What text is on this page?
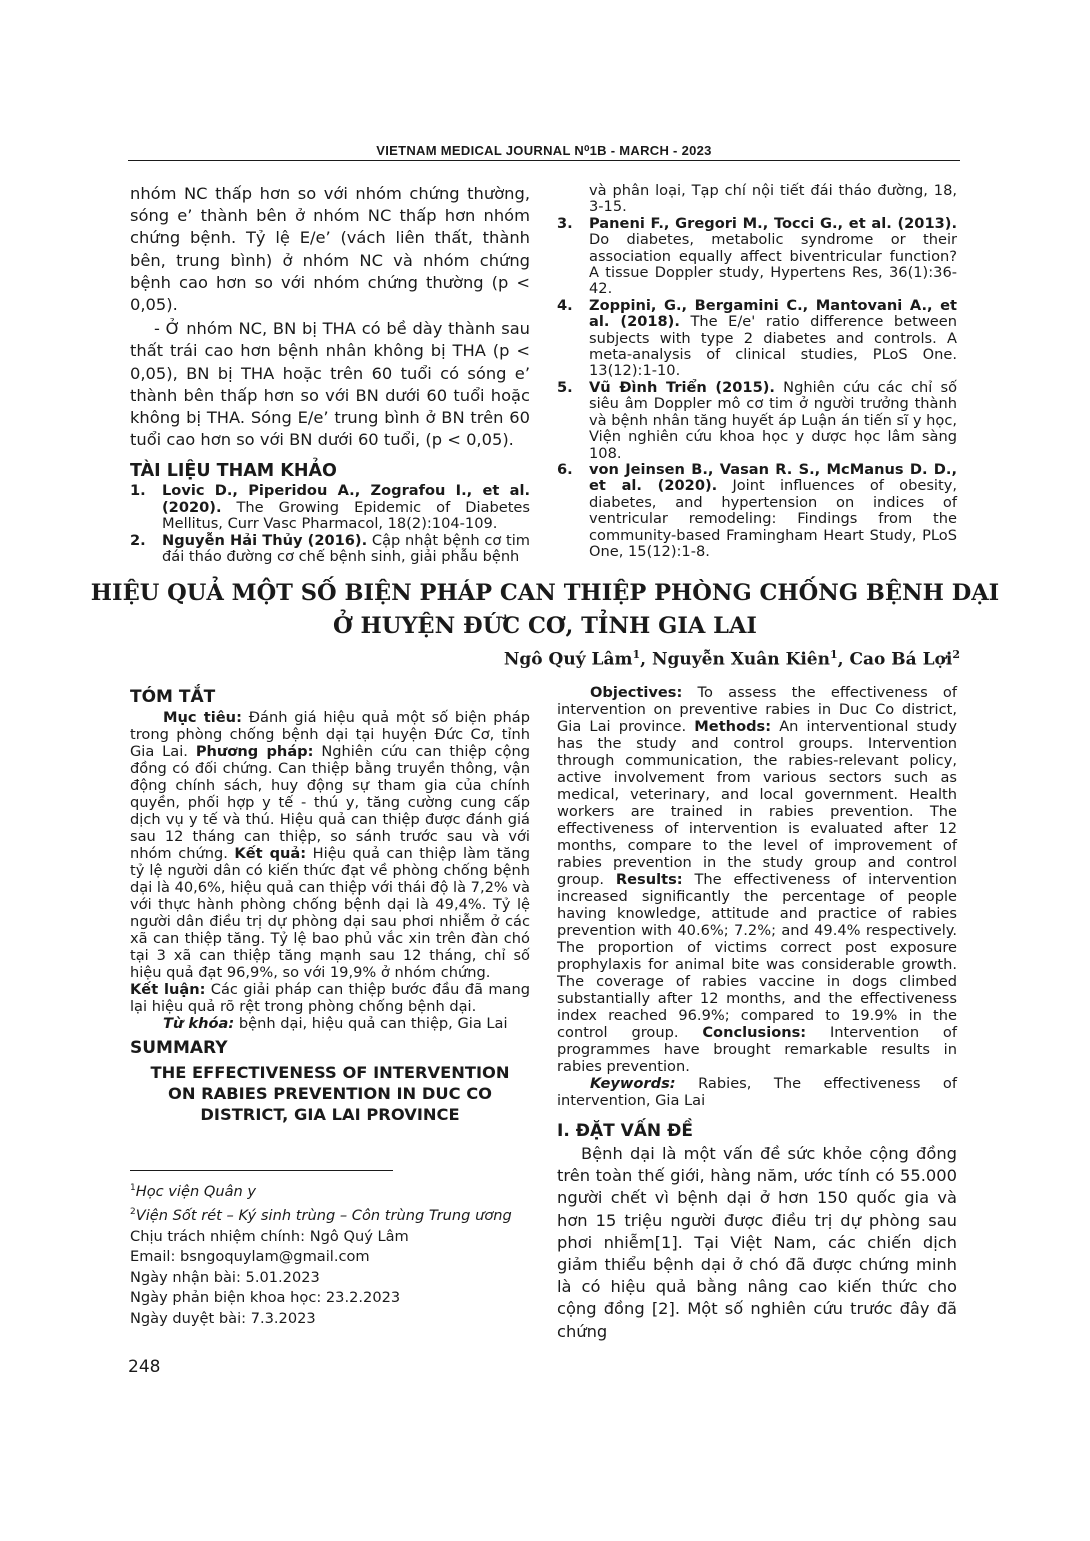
VIETNAM MEDICAL JOURNAL N⁰1B - MARCH - 2023

nhóm NC thấp hơn so với nhóm chứng thường, sóng e’ thành bên ở nhóm NC thấp hơn nhóm chứng bệnh. Tỷ lệ E/e’ (vách liên thất, thành bên, trung bình) ở nhóm NC và nhóm chứng bệnh cao hơn so với nhóm chứng thường (p < 0,05).

- Ở nhóm NC, BN bị THA có bề dày thành sau thất trái cao hơn bệnh nhân không bị THA (p < 0,05), BN bị THA hoặc trên 60 tuổi có sóng e’ thành bên thấp hơn so với BN dưới 60 tuổi hoặc không bị THA. Sóng E/e’ trung bình ở BN trên 60 tuổi cao hơn so với BN dưới 60 tuổi, (p < 0,05).

TÀI LIỆU THAM KHẢO

1.	Lovic D., Piperidou A., Zografou I., et al. (2020). The Growing Epidemic of Diabetes Mellitus, Curr Vasc Pharmacol, 18(2):104-109.
2.	Nguyễn Hải Thủy (2016). Cập nhật bệnh cơ tim đái tháo đường cơ chế bệnh sinh, giải phẫu bệnh
và phân loại, Tạp chí nội tiết đái tháo đường, 18, 3-15.
3.	Paneni F., Gregori M., Tocci G., et al. (2013). Do diabetes, metabolic syndrome or their association equally affect biventricular function? A tissue Doppler study, Hypertens Res, 36(1):36-42.
4.	Zoppini, G., Bergamini C., Mantovani A., et al. (2018). The E/e' ratio difference between subjects with type 2 diabetes and controls. A meta-analysis of clinical studies, PLoS One. 13(12):1-10.
5.	Vũ Đình Triển (2015). Nghiên cứu các chỉ số siêu âm Doppler mô cơ tim ở người trưởng thành và bệnh nhân tăng huyết áp Luận án tiến sĩ y học, Viện nghiên cứu khoa học y dược học lâm sàng 108.
6.	von Jeinsen B., Vasan R. S., McManus D. D., et al. (2020). Joint influences of obesity, diabetes, and hypertension on indices of ventricular remodeling: Findings from the community-based Framingham Heart Study, PLoS One, 15(12):1-8.
HIỆU QUẢ MỘT SỐ BIỆN PHÁP CAN THIỆP PHÒNG CHỐNG BỆNH DẠI
Ở HUYỆN ĐỨC CƠ, TỈNH GIA LAI
Ngô Quý Lâm$^1$, Nguyễn Xuân Kiên$^1$, Cao Bá Lợi$^2$

TÓM TẮT

Mục tiêu: Đánh giá hiệu quả một số biện pháp trong phòng chống bệnh dại tại huyện Đức Cơ, tỉnh Gia Lai. Phương pháp: Nghiên cứu can thiệp cộng đồng có đối chứng. Can thiệp bằng truyền thông, vận động chính sách, huy động sự tham gia của chính quyền, phối hợp y tế - thú y, tăng cường cung cấp dịch vụ y tế và thú. Hiệu quả can thiệp được đánh giá sau 12 tháng can thiệp, so sánh trước sau và với nhóm chứng. Kết quả: Hiệu quả can thiệp làm tăng tỷ lệ người dân có kiến thức đạt về phòng chống bệnh dại là 40,6%, hiệu quả can thiệp với thái độ là 7,2% và với thực hành phòng chống bệnh dại là 49,4%. Tỷ lệ người dân điều trị dự phòng dại sau phơi nhiễm ở các xã can thiệp tăng. Tỷ lệ bao phủ vắc xin trên đàn chó tại 3 xã can thiệp tăng mạnh sau 12 tháng, chỉ số hiệu quả đạt 96,9%, so với 19,9% ở nhóm chứng.

Kết luận: Các giải pháp can thiệp bước đầu đã mang lại hiệu quả rõ rệt trong phòng chống bệnh dại.

Từ khóa: bệnh dại, hiệu quả can thiệp, Gia Lai

SUMMARY

THE EFFECTIVENESS OF INTERVENTION ON RABIES PREVENTION IN DUC CO DISTRICT, GIA LAI PROVINCE

$^1$Học viện Quân y
$^2$Viện Sốt rét – Ký sinh trùng – Côn trùng Trung ương
Chịu trách nhiệm chính: Ngô Quý Lâm
Email: bsngoquylam@gmail.com
Ngày nhận bài: 5.01.2023
Ngày phản biện khoa học: 23.2.2023
Ngày duyệt bài: 7.3.2023

Objectives: To assess the effectiveness of intervention on preventive rabies in Duc Co district, Gia Lai province. Methods: An interventional study has the study and control groups. Intervention through communication, the rabies-relevant policy, active involvement from various sectors such as medical, veterinary, and local government. Health workers are trained in rabies prevention. The effectiveness of intervention is evaluated after 12 months, compare to the level of improvement of rabies prevention in the study group and control group. Results: The effectiveness of intervention increased significantly the percentage of people having knowledge, attitude and practice of rabies prevention with 40.6%; 7.2%; and 49.4% respectively. The proportion of victims correct post exposure prophylaxis for animal bite was considerable growth. The coverage of rabies vaccine in dogs climbed substantially after 12 months, and the effectiveness index reached 96.9%; compared to 19.9% in the control group. Conclusions: Intervention of programmes have brought remarkable results in rabies prevention.

Keywords: Rabies, The effectiveness of intervention, Gia Lai

I. ĐẶT VẤN ĐỀ

Bệnh dại là một vấn đề sức khỏe cộng đồng trên toàn thế giới, hàng năm, ước tính có 55.000 người chết vì bệnh dại ở hơn 150 quốc gia và hơn 15 triệu người được điều trị dự phòng sau phơi nhiễm[1]. Tại Việt Nam, các chiến dịch giảm thiểu bệnh dại ở chó đã được chứng minh là có hiệu quả bằng nâng cao kiến thức cho cộng đồng [2]. Một số nghiên cứu trước đây đã chứng

248
